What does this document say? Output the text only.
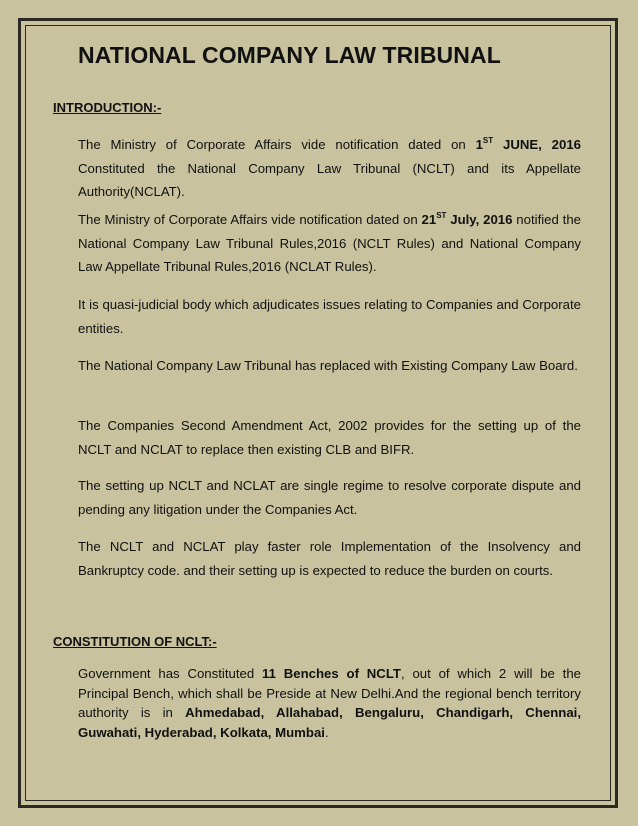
NATIONAL COMPANY LAW TRIBUNAL
INTRODUCTION:-
The Ministry of Corporate Affairs vide notification dated on 1ST JUNE, 2016 Constituted the National Company Law Tribunal (NCLT) and its Appellate Authority(NCLAT).
The Ministry of Corporate Affairs vide notification dated on 21ST July, 2016 notified the National Company Law Tribunal Rules,2016 (NCLT Rules) and National Company Law Appellate Tribunal Rules,2016 (NCLAT Rules).
It is quasi-judicial body which adjudicates issues relating to Companies and Corporate entities.
The National Company Law Tribunal has replaced with Existing Company Law Board.
The Companies Second Amendment Act, 2002 provides for the setting up of the NCLT and NCLAT to replace then existing CLB and BIFR.
The setting up NCLT and NCLAT are single regime to resolve corporate dispute and pending any litigation under the Companies Act.
The NCLT and NCLAT play faster role Implementation of the Insolvency and Bankruptcy code. and their setting up is expected to reduce the burden on courts.
CONSTITUTION OF NCLT:-
Government has Constituted 11 Benches of NCLT, out of which 2 will be the Principal Bench, which shall be Preside at New Delhi.And the regional bench territory authority is in Ahmedabad, Allahabad, Bengaluru, Chandigarh, Chennai, Guwahati, Hyderabad, Kolkata, Mumbai.
